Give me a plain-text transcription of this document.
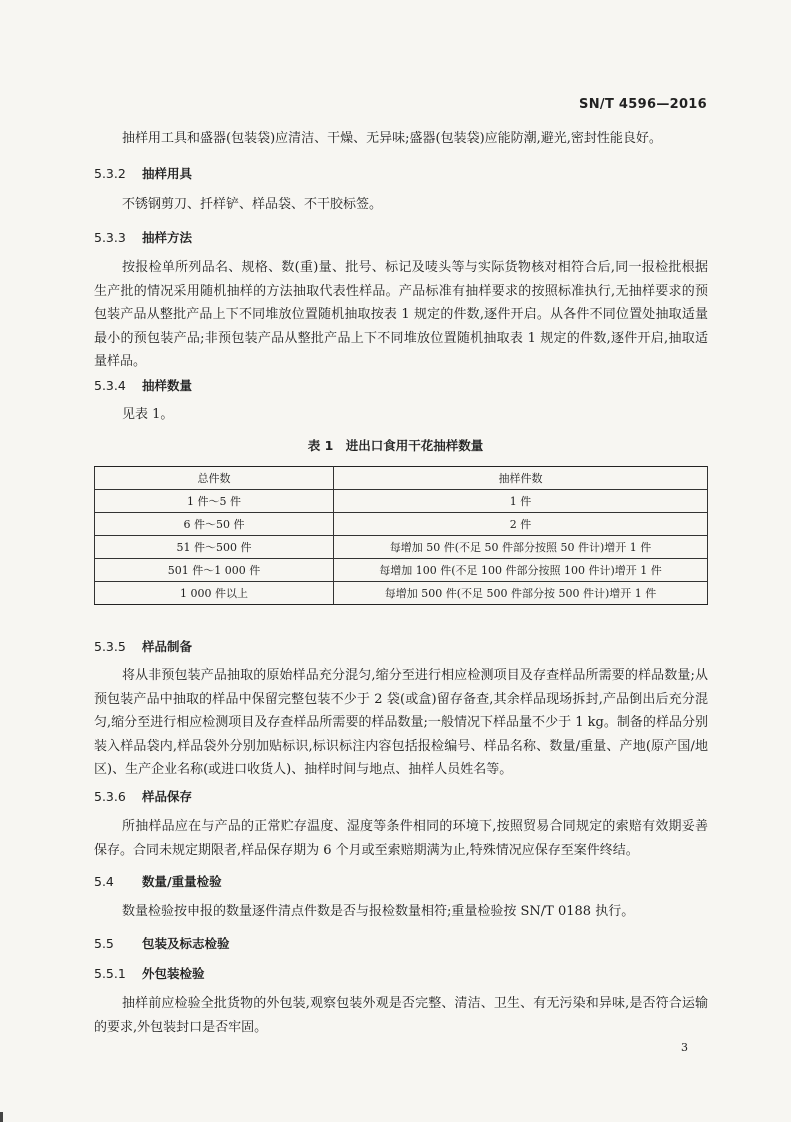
SN/T 4596—2016

抽样用工具和盛器(包装袋)应清洁、干燥、无异味;盛器(包装袋)应能防潮,避光,密封性能良好。

5.3.2 抽样用具

不锈钢剪刀、扦样铲、样品袋、不干胶标签。

5.3.3 抽样方法

按报检单所列品名、规格、数(重)量、批号、标记及唛头等与实际货物核对相符合后,同一报检批根据生产批的情况采用随机抽样的方法抽取代表性样品。产品标准有抽样要求的按照标准执行,无抽样要求的预包装产品从整批产品上下不同堆放位置随机抽取按表 1 规定的件数,逐件开启。从各件不同位置处抽取适量最小的预包装产品;非预包装产品从整批产品上下不同堆放位置随机抽取表 1 规定的件数,逐件开启,抽取适量样品。

5.3.4 抽样数量

见表 1。

表 1　进出口食用干花抽样数量
总件数	抽样件数
1 件～5 件	1 件
6 件～50 件	2 件
51 件～500 件	每增加 50 件(不足 50 件部分按照 50 件计)增开 1 件
501 件～1 000 件	每增加 100 件(不足 100 件部分按照 100 件计)增开 1 件
1 000 件以上	每增加 500 件(不足 500 件部分按 500 件计)增开 1 件
5.3.5 样品制备

将从非预包装产品抽取的原始样品充分混匀,缩分至进行相应检测项目及存查样品所需要的样品数量;从预包装产品中抽取的样品中保留完整包装不少于 2 袋(或盒)留存备查,其余样品现场拆封,产品倒出后充分混匀,缩分至进行相应检测项目及存查样品所需要的样品数量;一般情况下样品量不少于 1 kg。制备的样品分别装入样品袋内,样品袋外分别加贴标识,标识标注内容包括报检编号、样品名称、数量/重量、产地(原产国/地区)、生产企业名称(或进口收货人)、抽样时间与地点、抽样人员姓名等。

5.3.6 样品保存

所抽样品应在与产品的正常贮存温度、湿度等条件相同的环境下,按照贸易合同规定的索赔有效期妥善保存。合同未规定期限者,样品保存期为 6 个月或至索赔期满为止,特殊情况应保存至案件终结。

5.4 数量/重量检验

数量检验按申报的数量逐件清点件数是否与报检数量相符;重量检验按 SN/T 0188 执行。

5.5 包装及标志检验
5.5.1 外包装检验

抽样前应检验全批货物的外包装,观察包装外观是否完整、清洁、卫生、有无污染和异味,是否符合运输的要求,外包装封口是否牢固。

3
